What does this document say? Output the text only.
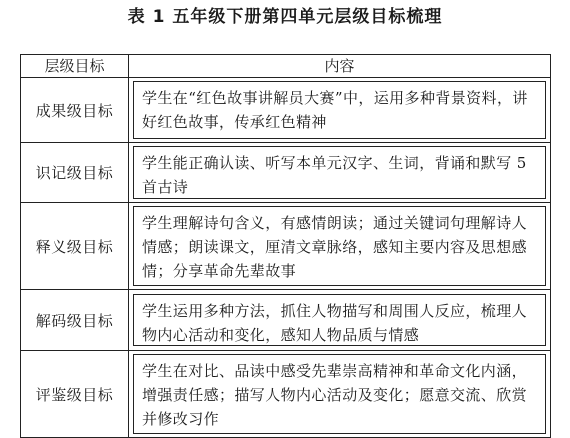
表 1 五年级下册第四单元层级目标梳理
层级目标	内容
成果级目标	学生在“红色故事讲解员大赛”中，运用多种背景资料，讲好红色故事，传承红色精神

识记级目标	学生能正确认读、听写本单元汉字、生词，背诵和默写 5 首古诗

释义级目标	学生理解诗句含义，有感情朗读；通过关键词句理解诗人情感；朗读课文，厘清文章脉络，感知主要内容及思想感情；分享革命先辈故事

解码级目标	学生运用多种方法，抓住人物描写和周围人反应，梳理人物内心活动和变化，感知人物品质与情感

评鉴级目标	学生在对比、品读中感受先辈崇高精神和革命文化内涵，增强责任感；描写人物内心活动及变化；愿意交流、欣赏并修改习作
